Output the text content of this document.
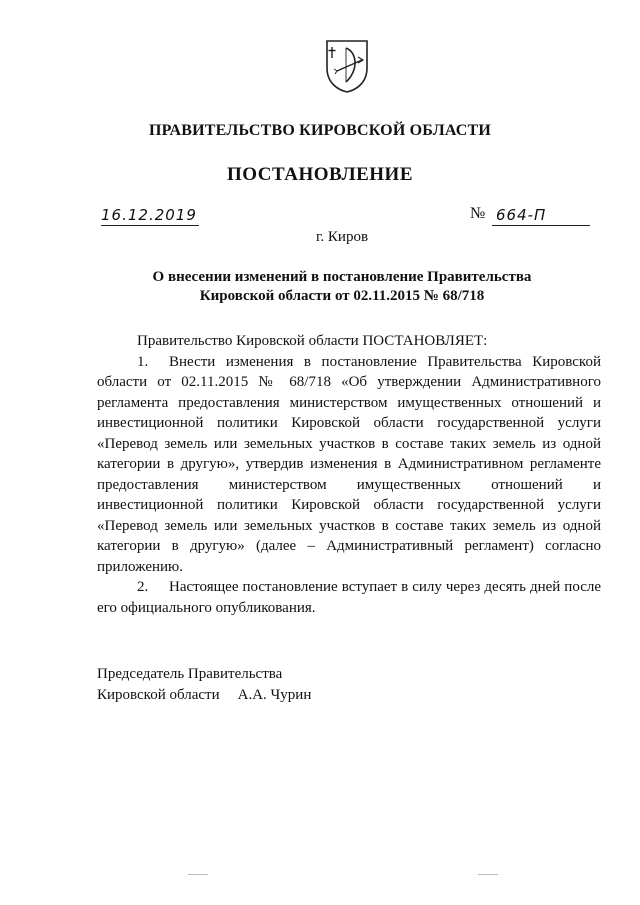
ПРАВИТЕЛЬСТВО КИРОВСКОЙ ОБЛАСТИ
ПОСТАНОВЛЕНИЕ
16.12.2019	№ 664-П
г. Киров
О внесении изменений в постановление Правительства
Кировской области от 02.11.2015 № 68/718

Правительство Кировской области ПОСТАНОВЛЯЕТ:

1. Внести изменения в постановление Правительства Кировской области от 02.11.2015 № 68/718 «Об утверждении Административного регламента предоставления министерством имущественных отношений и инвестиционной политики Кировской области государственной услуги «Перевод земель или земельных участков в составе таких земель из одной категории в другую», утвердив изменения в Административном регламенте предоставления министерством имущественных отношений и инвестиционной политики Кировской области государственной услуги «Перевод земель или земельных участков в составе таких земель из одной категории в другую» (далее – Административный регламент) согласно приложению.

2. Настоящее постановление вступает в силу через десять дней после его официального опубликования.

Председатель Правительства
Кировской области А.А. Чурин
